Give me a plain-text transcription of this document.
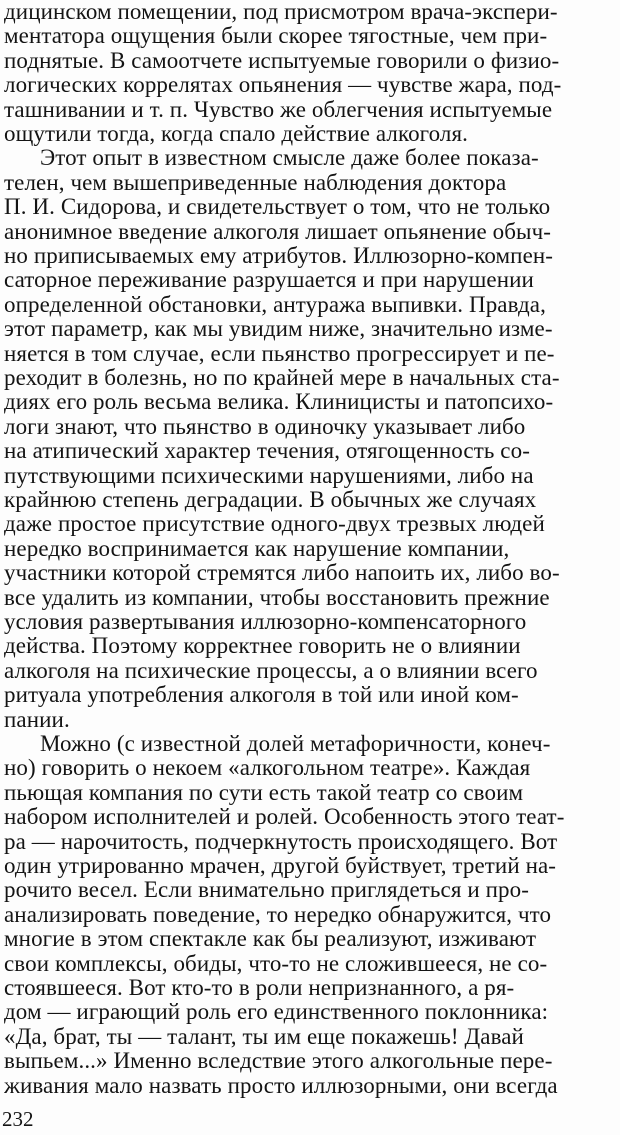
дицинском помещении, под присмотром врача-экспери-
ментатора ощущения были скорее тягостные, чем при-
поднятые. В самоотчете испытуемые говорили о физио-
логических коррелятах опьянения — чувстве жара, под-
ташнивании и т. п. Чувство же облегчения испытуемые
ощутили тогда, когда спало действие алкоголя.
Этот опыт в известном смысле даже более показа-
телен, чем вышеприведенные наблюдения доктора
П. И. Сидорова, и свидетельствует о том, что не только
анонимное введение алкоголя лишает опьянение обыч-
но приписываемых ему атрибутов. Иллюзорно-компен-
саторное переживание разрушается и при нарушении
определенной обстановки, антуража выпивки. Правда,
этот параметр, как мы увидим ниже, значительно изме-
няется в том случае, если пьянство прогрессирует и пе-
реходит в болезнь, но по крайней мере в начальных ста-
диях его роль весьма велика. Клиницисты и патопсихо-
логи знают, что пьянство в одиночку указывает либо
на атипический характер течения, отягощенность со-
путствующими психическими нарушениями, либо на
крайнюю степень деградации. В обычных же случаях
даже простое присутствие одного-двух трезвых людей
нередко воспринимается как нарушение компании,
участники которой стремятся либо напоить их, либо во-
все удалить из компании, чтобы восстановить прежние
условия развертывания иллюзорно-компенсаторного
действа. Поэтому корректнее говорить не о влиянии
алкоголя на психические процессы, а о влиянии всего
ритуала употребления алкоголя в той или иной ком-
пании.
Можно (с известной долей метафоричности, конеч-
но) говорить о некоем «алкогольном театре». Каждая
пьющая компания по сути есть такой театр со своим
набором исполнителей и ролей. Особенность этого теат-
ра — нарочитость, подчеркнутость происходящего. Вот
один утрированно мрачен, другой буйствует, третий на-
рочито весел. Если внимательно приглядеться и про-
анализировать поведение, то нередко обнаружится, что
многие в этом спектакле как бы реализуют, изживают
свои комплексы, обиды, что-то не сложившееся, не со-
стоявшееся. Вот кто-то в роли непризнанного, а ря-
дом — играющий роль его единственного поклонника:
«Да, брат, ты — талант, ты им еще покажешь! Давай
выпьем...» Именно вследствие этого алкогольные пере-
живания мало назвать просто иллюзорными, они всегда
232
